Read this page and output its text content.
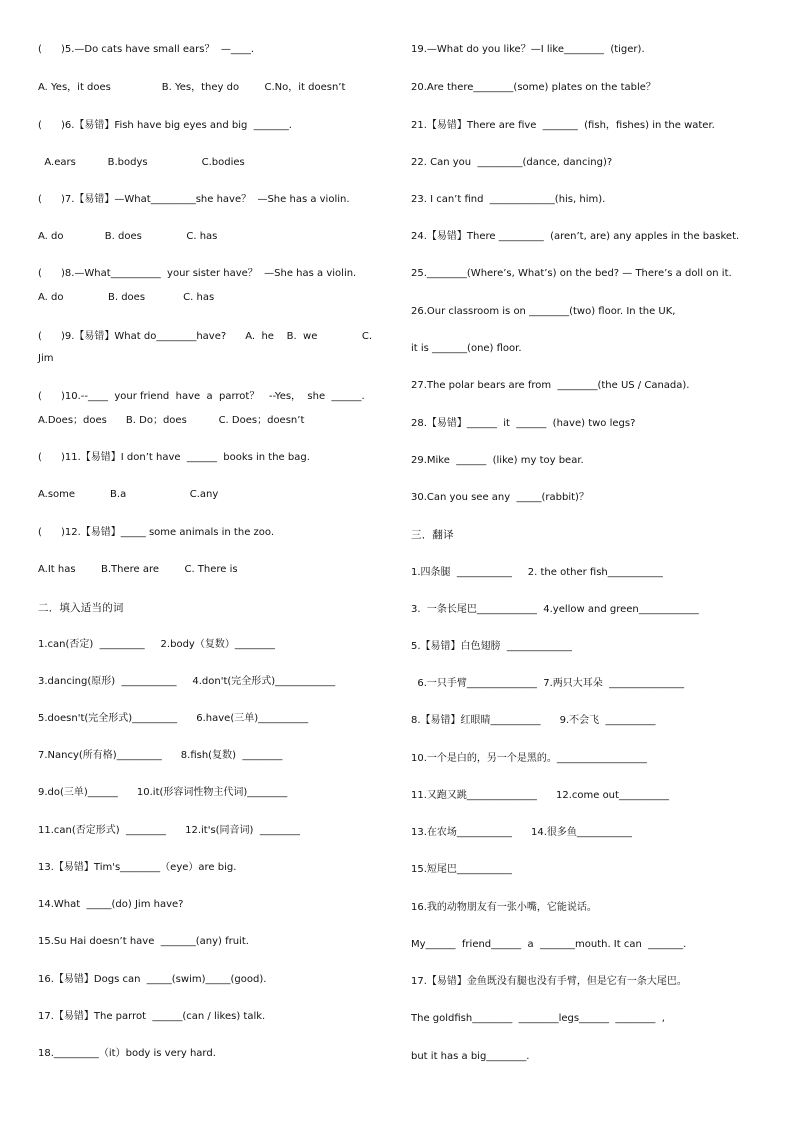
(      )5.—Do cats have small ears？  —____.
A. Yes，it does                B. Yes，they do        C.No，it doesn’t
(      )6.【易错】Fish have big eyes and big  _______.
A.ears          B.bodys                 C.bodies
(      )7.【易错】—What_________she have？  —She has a violin.
A. do             B. does              C. has
(      )8.—What__________  your sister have？  —She has a violin.
A. do              B. does            C. has
(      )9.【易错】What do________have?      A.  he    B.  we              C.
Jim
(      )10.--____  your friend  have  a  parrot？   --Yes，  she  ______.
A.Does；does      B. Do；does          C. Does；doesn’t
(      )11.【易错】I don’t have  ______  books in the bag.
A.some           B.a                    C.any
(      )12.【易错】_____ some animals in the zoo.
A.It has        B.There are        C. There is
二．填入适当的词
1.can(否定)  _________     2.body（复数）________
3.dancing(原形)  ___________     4.don't(完全形式)____________
5.doesn't(完全形式)_________      6.have(三单)__________
7.Nancy(所有格)_________      8.fish(复数)  ________
9.do(三单)______      10.it(形容词性物主代词)________
11.can(否定形式)  ________      12.it's(同音词)  ________
13.【易错】Tim's________（eye）are big.
14.What  _____(do) Jim have?
15.Su Hai doesn’t have  _______(any) fruit.
16.【易错】Dogs can  _____(swim)_____(good).
17.【易错】The parrot  ______(can / likes) talk.
18._________（it）body is very hard.
19.—What do you like？—I like________  (tiger).
20.Are there________(some) plates on the table？
21.【易错】There are five  _______  (fish，fishes) in the water.
22. Can you  _________(dance, dancing)?
23. I can’t find  _____________(his, him).
24.【易错】There _________  (aren’t, are) any apples in the basket.
25.________(Where’s, What’s) on the bed? — There’s a doll on it.
26.Our classroom is on ________(two) floor. In the UK,
it is _______(one) floor.
27.The polar bears are from  ________(the US / Canada).
28.【易错】______  it  ______  (have) two legs?
29.Mike  ______  (like) my toy bear.
30.Can you see any  _____(rabbit)？
三．翻译
1.四条腿  ___________     2. the other fish___________
3.  一条长尾巴____________  4.yellow and green____________
5.【易错】白色翅膀  _____________
6.一只手臂______________  7.两只大耳朵  _______________
8.【易错】红眼睛__________      9.不会飞  __________
10.一个是白的，另一个是黑的。__________________
11.又跑又跳______________      12.come out__________
13.在农场___________      14.很多鱼___________
15.短尾巴___________
16.我的动物朋友有一张小嘴，它能说话。
My______  friend______  a  _______mouth. It can  _______.
17.【易错】金鱼既没有腿也没有手臂，但是它有一条大尾巴。
The goldfish________  ________legs______  ________  ,
but it has a big________.
